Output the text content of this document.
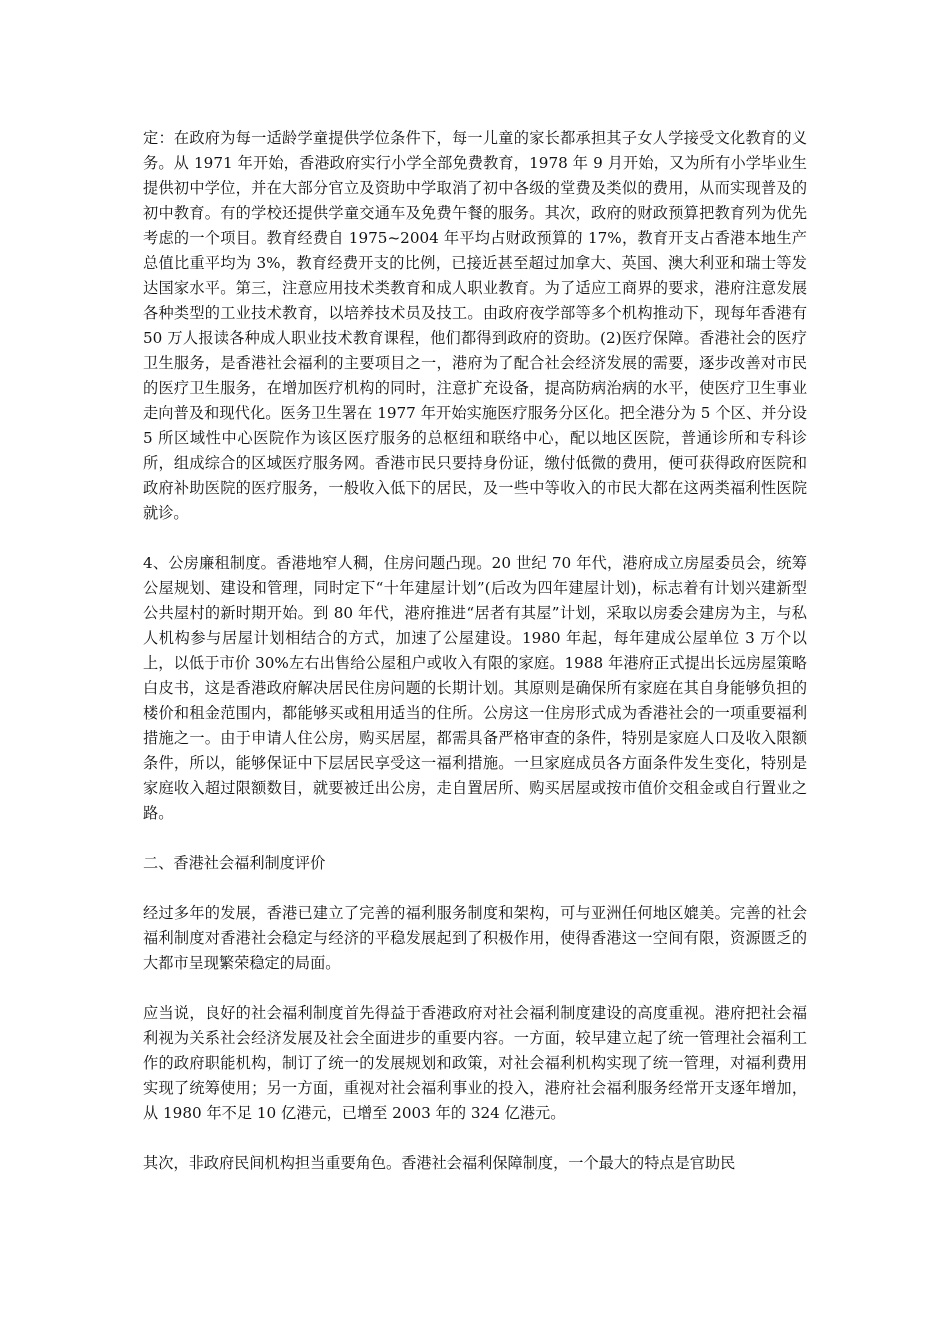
定：在政府为每一适龄学童提供学位条件下，每一儿童的家长都承担其子女人学接受文化教育的义务。从 1971 年开始，香港政府实行小学全部免费教育，1978 年 9 月开始，又为所有小学毕业生提供初中学位，并在大部分官立及资助中学取消了初中各级的堂费及类似的费用，从而实现普及的初中教育。有的学校还提供学童交通车及免费午餐的服务。其次，政府的财政预算把教育列为优先考虑的一个项目。教育经费自 1975~2004 年平均占财政预算的 17%，教育开支占香港本地生产总值比重平均为 3%，教育经费开支的比例，已接近甚至超过加拿大、英国、澳大利亚和瑞士等发达国家水平。第三，注意应用技术类教育和成人职业教育。为了适应工商界的要求，港府注意发展各种类型的工业技术教育，以培养技术员及技工。由政府夜学部等多个机构推动下，现每年香港有 50 万人报读各种成人职业技术教育课程，他们都得到政府的资助。(2)医疗保障。香港社会的医疗卫生服务，是香港社会福利的主要项目之一，港府为了配合社会经济发展的需要，逐步改善对市民的医疗卫生服务，在增加医疗机构的同时，注意扩充设备，提高防病治病的水平，使医疗卫生事业走向普及和现代化。医务卫生署在 1977 年开始实施医疗服务分区化。把全港分为 5 个区、并分设 5 所区域性中心医院作为该区医疗服务的总枢纽和联络中心，配以地区医院，普通诊所和专科诊所，组成综合的区域医疗服务网。香港市民只要持身份证，缴付低微的费用，便可获得政府医院和政府补助医院的医疗服务，一般收入低下的居民，及一些中等收入的市民大都在这两类福利性医院就诊。

4、公房廉租制度。香港地窄人稠，住房问题凸现。20 世纪 70 年代，港府成立房屋委员会，统筹公屋规划、建设和管理，同时定下“十年建屋计划”(后改为四年建屋计划)，标志着有计划兴建新型公共屋村的新时期开始。到 80 年代，港府推进“居者有其屋”计划，采取以房委会建房为主，与私人机构参与居屋计划相结合的方式，加速了公屋建设。1980 年起，每年建成公屋单位 3 万个以上，以低于市价 30%左右出售给公屋租户或收入有限的家庭。1988 年港府正式提出长远房屋策略白皮书，这是香港政府解决居民住房问题的长期计划。其原则是确保所有家庭在其自身能够负担的楼价和租金范围内，都能够买或租用适当的住所。公房这一住房形式成为香港社会的一项重要福利措施之一。由于申请人住公房，购买居屋，都需具备严格审查的条件，特别是家庭人口及收入限额条件，所以，能够保证中下层居民享受这一福利措施。一旦家庭成员各方面条件发生变化，特别是家庭收入超过限额数目，就要被迁出公房，走自置居所、购买居屋或按市值价交租金或自行置业之路。

二、香港社会福利制度评价

经过多年的发展，香港已建立了完善的福利服务制度和架构，可与亚洲任何地区媲美。完善的社会福利制度对香港社会稳定与经济的平稳发展起到了积极作用，使得香港这一空间有限，资源匮乏的大都市呈现繁荣稳定的局面。

应当说，良好的社会福利制度首先得益于香港政府对社会福利制度建设的高度重视。港府把社会福利视为关系社会经济发展及社会全面进步的重要内容。一方面，较早建立起了统一管理社会福利工作的政府职能机构，制订了统一的发展规划和政策，对社会福利机构实现了统一管理，对福利费用实现了统筹使用；另一方面，重视对社会福利事业的投入，港府社会福利服务经常开支逐年增加，从 1980 年不足 10 亿港元，已增至 2003 年的 324 亿港元。

其次，非政府民间机构担当重要角色。香港社会福利保障制度，一个最大的特点是官助民
